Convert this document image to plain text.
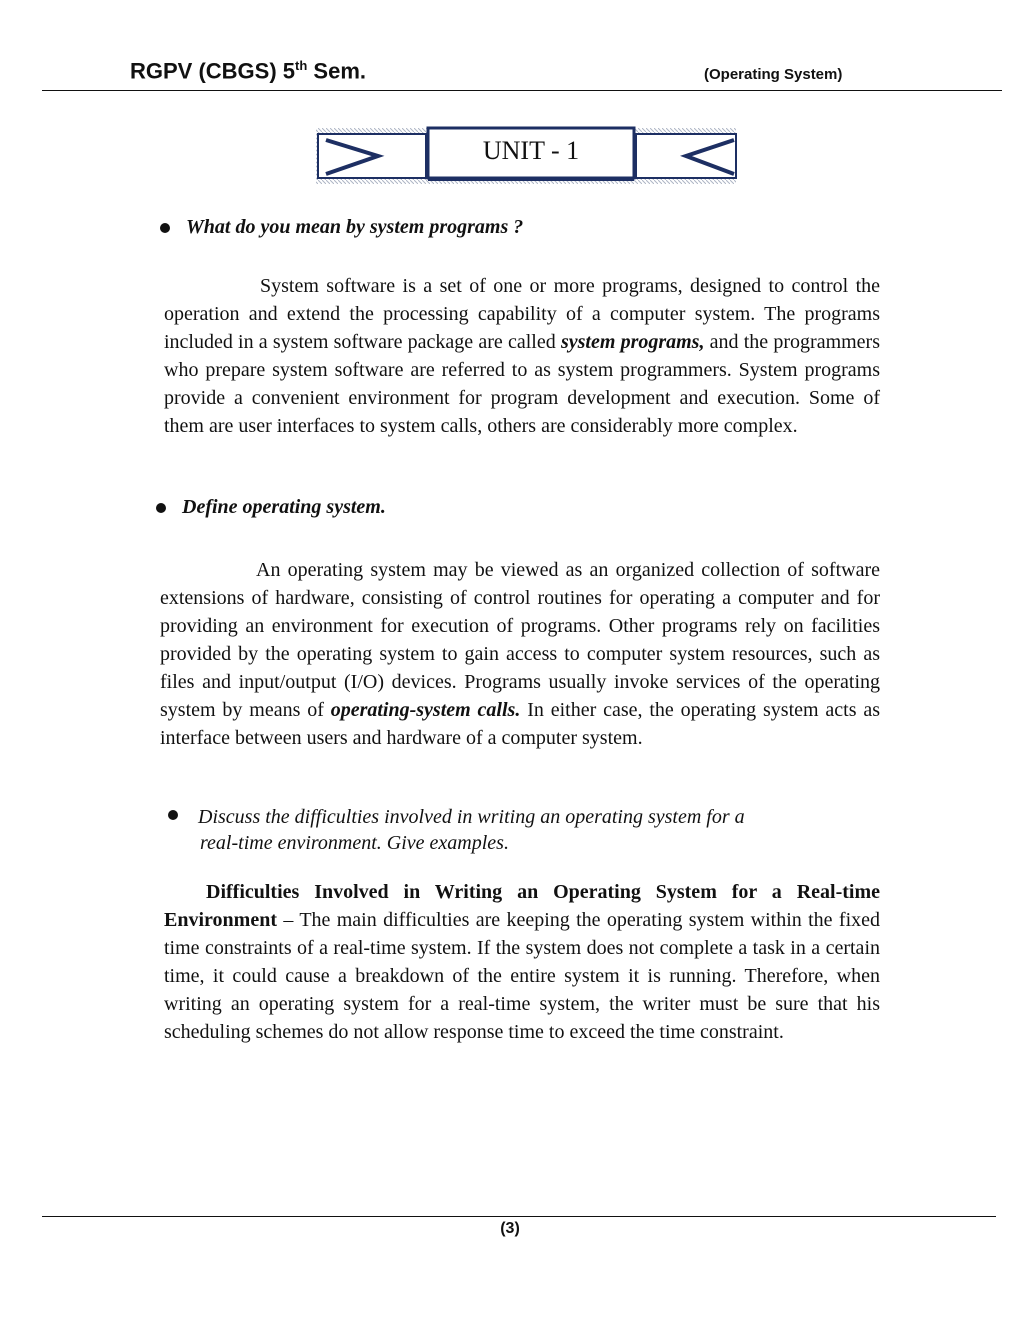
RGPV (CBGS) 5th Sem.	(Operating System)
UNIT - 1
What do you mean by system programs ?
System software is a set of one or more programs, designed to control the operation and extend the processing capability of a computer system. The programs included in a system software package are called system programs, and the programmers who prepare system software are referred to as system programmers. System programs provide a convenient environment for program development and execution. Some of them are user interfaces to system calls, others are considerably more complex.
Define operating system.
An operating system may be viewed as an organized collection of software extensions of hardware, consisting of control routines for operating a computer and for providing an environment for execution of programs. Other programs rely on facilities provided by the operating system to gain access to computer system resources, such as files and input/output (I/O) devices. Programs usually invoke services of the operating system by means of operating-system calls. In either case, the operating system acts as interface between users and hardware of a computer system.
Discuss the difficulties involved in writing an operating system for a
real-time environment. Give examples.
Difficulties Involved in Writing an Operating System for a Real-time Environment – The main difficulties are keeping the operating system within the fixed time constraints of a real-time system. If the system does not complete a task in a certain time, it could cause a breakdown of the entire system it is running. Therefore, when writing an operating system for a real-time system, the writer must be sure that his scheduling schemes do not allow response time to exceed the time constraint.
(3)
